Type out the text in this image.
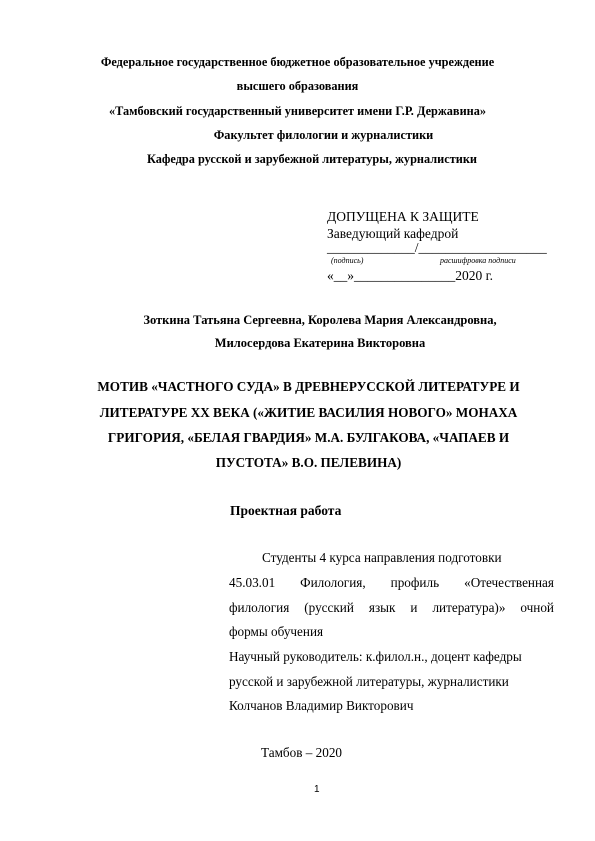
Федеральное государственное бюджетное образовательное учреждение
высшего образования
«Тамбовский государственный университет имени Г.Р. Державина»
Факультет филологии и журналистики
Кафедра русской и зарубежной литературы, журналистики
ДОПУЩЕНА К ЗАЩИТЕ
Заведующий кафедрой
_____________/___________________
(подпись)	расшифровка подписи
«__»_______________2020 г.
Зоткина Татьяна Сергеевна, Королева Мария Александровна,
Милосердова Екатерина Викторовна
МОТИВ «ЧАСТНОГО СУДА» В ДРЕВНЕРУССКОЙ ЛИТЕРАТУРЕ И
ЛИТЕРАТУРЕ ХХ ВЕКА («ЖИТИЕ ВАСИЛИЯ НОВОГО» МОНАХА
ГРИГОРИЯ, «БЕЛАЯ ГВАРДИЯ» М.А. БУЛГАКОВА, «ЧАПАЕВ И
ПУСТОТА» В.О. ПЕЛЕВИНА)
Проектная работа
Студенты 4 курса направления подготовки
45.03.01 Филология, профиль «Отечественная
филология (русский язык и литература)» очной
формы обучения
Научный руководитель: к.филол.н., доцент кафедры
русской и зарубежной литературы, журналистики
Колчанов Владимир Викторович
Тамбов – 2020
1
